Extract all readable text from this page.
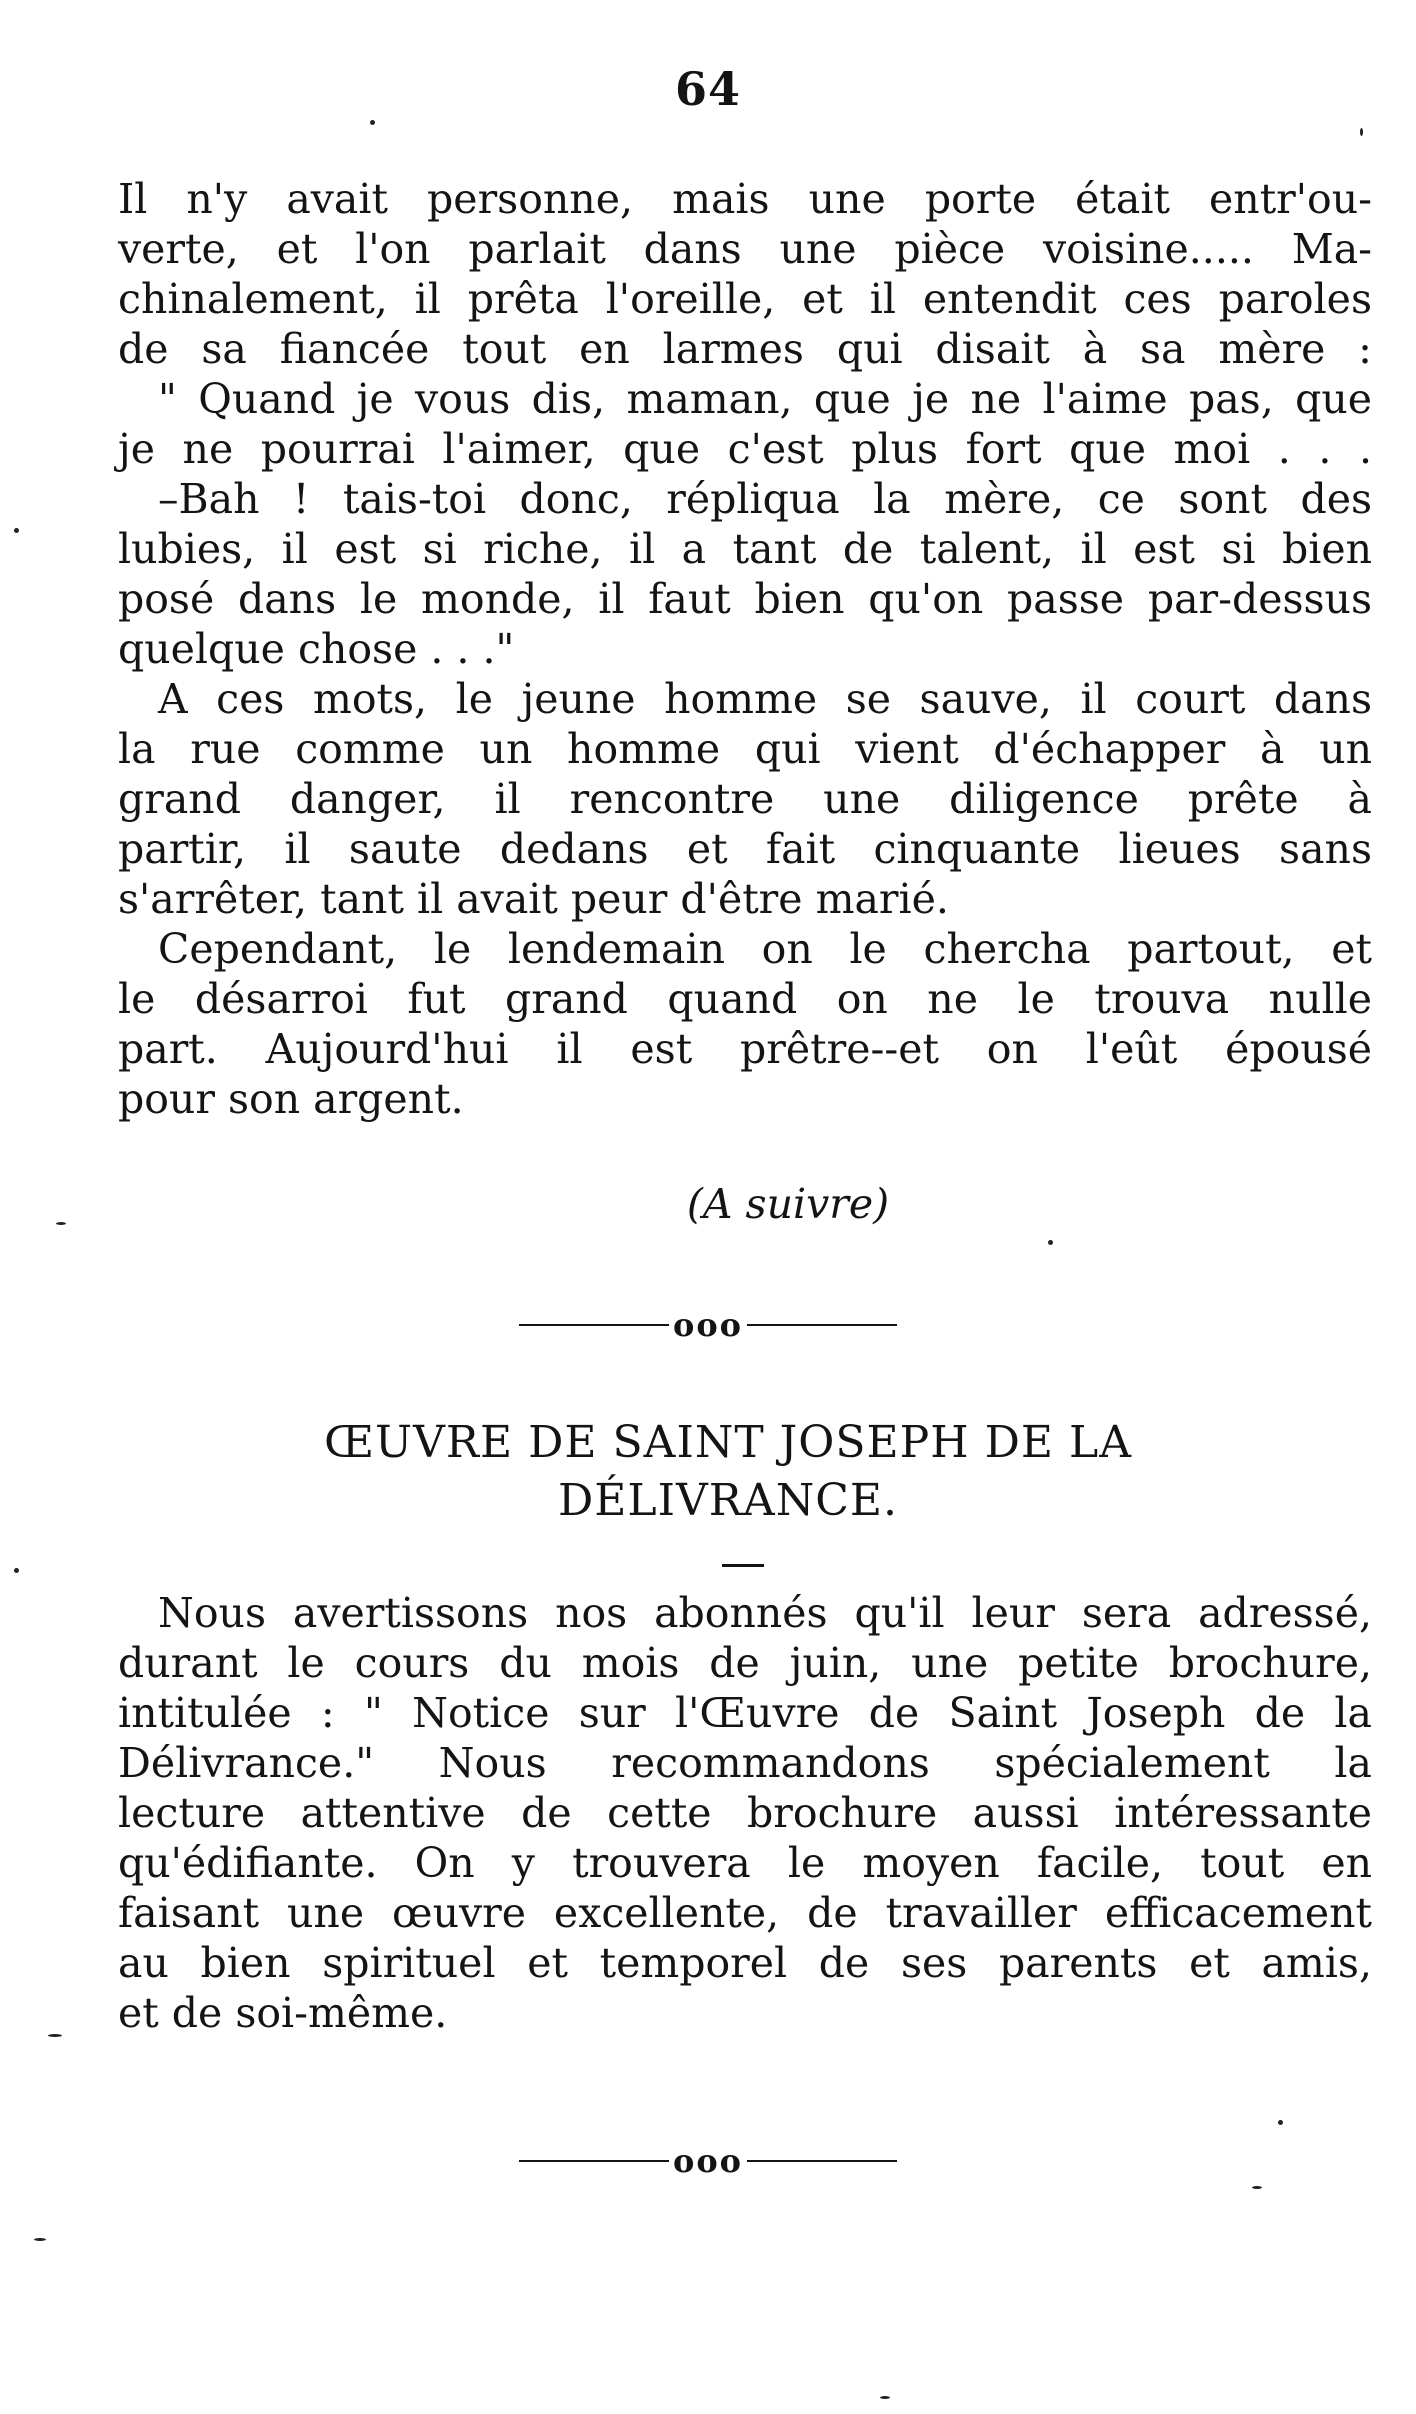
64
Il n'y avait personne, mais une porte était entr'ou-
verte, et l'on parlait dans une pièce voisine..... Ma-
chinalement, il prêta l'oreille, et il entendit ces paroles
de sa fiancée tout en larmes qui disait à sa mère :
" Quand je vous dis, maman, que je ne l'aime pas, que
je ne pourrai l'aimer, que c'est plus fort que moi . . .
–Bah ! tais-toi donc, répliqua la mère, ce sont des
lubies, il est si riche, il a tant de talent, il est si bien
posé dans le monde, il faut bien qu'on passe par-dessus
quelque chose . . ."
A ces mots, le jeune homme se sauve, il court dans
la rue comme un homme qui vient d'échapper à un
grand danger, il rencontre une diligence prête à
partir, il saute dedans et fait cinquante lieues sans
s'arrêter, tant il avait peur d'être marié.
Cependant, le lendemain on le chercha partout, et
le désarroi fut grand quand on ne le trouva nulle
part. Aujourd'hui il est prêtre--et on l'eût épousé
pour son argent.
(A suivre)
ooo
ŒUVRE DE SAINT JOSEPH DE LA
DÉLIVRANCE.
Nous avertissons nos abonnés qu'il leur sera adressé,
durant le cours du mois de juin, une petite brochure,
intitulée : " Notice sur l'Œuvre de Saint Joseph de la
Délivrance." Nous recommandons spécialement la
lecture attentive de cette brochure aussi intéressante
qu'édifiante. On y trouvera le moyen facile, tout en
faisant une œuvre excellente, de travailler efficacement
au bien spirituel et temporel de ses parents et amis,
et de soi-même.
ooo
